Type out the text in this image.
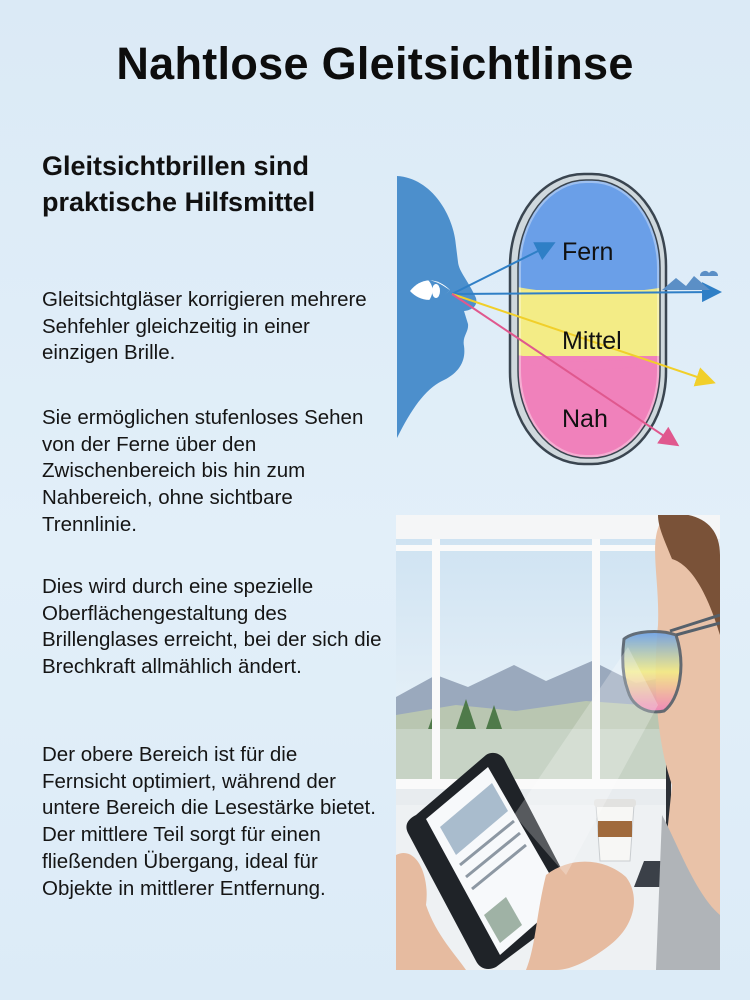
Nahtlose Gleitsichtlinse
Gleitsichtbrillen sind praktische Hilfsmittel

Gleitsichtgläser korrigieren mehrere Sehfehler gleichzeitig in einer einzigen Brille.

Sie ermöglichen stufenloses Sehen von der Ferne über den Zwischenbereich bis hin zum Nahbereich, ohne sichtbare Trennlinie.

Dies wird durch eine spezielle Oberflächengestaltung des Brillenglases erreicht, bei der sich die Brechkraft allmählich ändert.

Der obere Bereich ist für die Fernsicht optimiert, während der untere Bereich die Lesestärke bietet. Der mittlere Teil sorgt für einen fließenden Übergang, ideal für Objekte in mittlerer Entfernung.

Fern
Mittel
Nah
